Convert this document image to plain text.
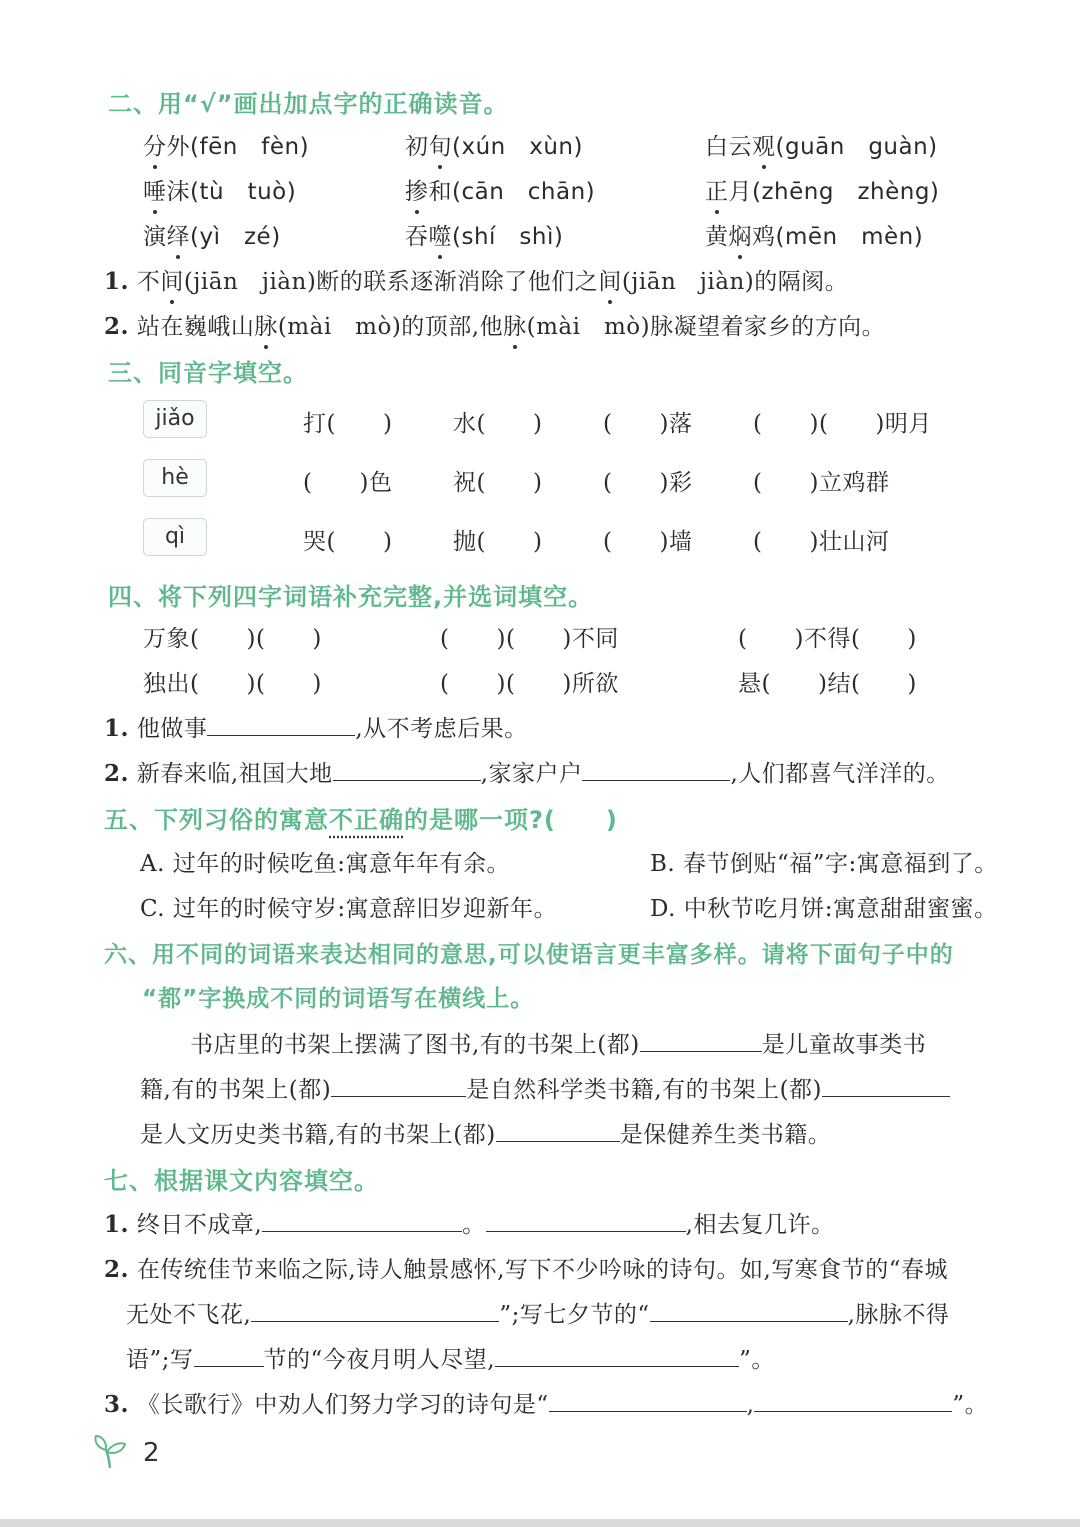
二、用“√”画出加点字的正确读音。
分外(fēn　fèn)	初旬(xún　xùn)	白云观(guān　guàn)
唾沫(tù　tuò)	掺和(cān　chān)	正月(zhēng　zhèng)
演绎(yì　zé)	吞噬(shí　shì)	黄焖鸡(mēn　mèn)
1. 不间(jiān　jiàn)断的联系逐渐消除了他们之间(jiān　jiàn)的隔阂。
2. 站在巍峨山脉(mài　mò)的顶部,他脉(mài　mò)脉凝望着家乡的方向。
三、同音字填空。
jiǎo	打(　　)	水(　　)	(　　)落	(　　)(　　)明月
hè	(　　)色	祝(　　)	(　　)彩	(　　)立鸡群
qì	哭(　　)	抛(　　)	(　　)墙	(　　)壮山河
四、将下列四字词语补充完整,并选词填空。
万象(　　)(　　)	(　　)(　　)不同	(　　)不得(　　)
独出(　　)(　　)	(　　)(　　)所欲	悬(　　)结(　　)
1. 他做事	,从不考虑后果。
2. 新春来临,祖国大地	,家家户户	,人们都喜气洋洋的。
五、下列习俗的寓意不正确的是哪一项?(　　)
A. 过年的时候吃鱼:寓意年年有余。	B. 春节倒贴“福”字:寓意福到了。
C. 过年的时候守岁:寓意辞旧岁迎新年。	D. 中秋节吃月饼:寓意甜甜蜜蜜。
六、用不同的词语来表达相同的意思,可以使语言更丰富多样。请将下面句子中的
“都”字换成不同的词语写在横线上。
书店里的书架上摆满了图书,有的书架上(都)	是儿童故事类书
籍,有的书架上(都)	是自然科学类书籍,有的书架上(都)
是人文历史类书籍,有的书架上(都)	是保健养生类书籍。
七、根据课文内容填空。
1. 终日不成章,	。	,相去复几许。
2. 在传统佳节来临之际,诗人触景感怀,写下不少吟咏的诗句。如,写寒食节的“春城
无处不飞花,	”;写七夕节的“	,脉脉不得
语”;写	节的“今夜月明人尽望,	”。
3. 《长歌行》中劝人们努力学习的诗句是“	,	”。
2
